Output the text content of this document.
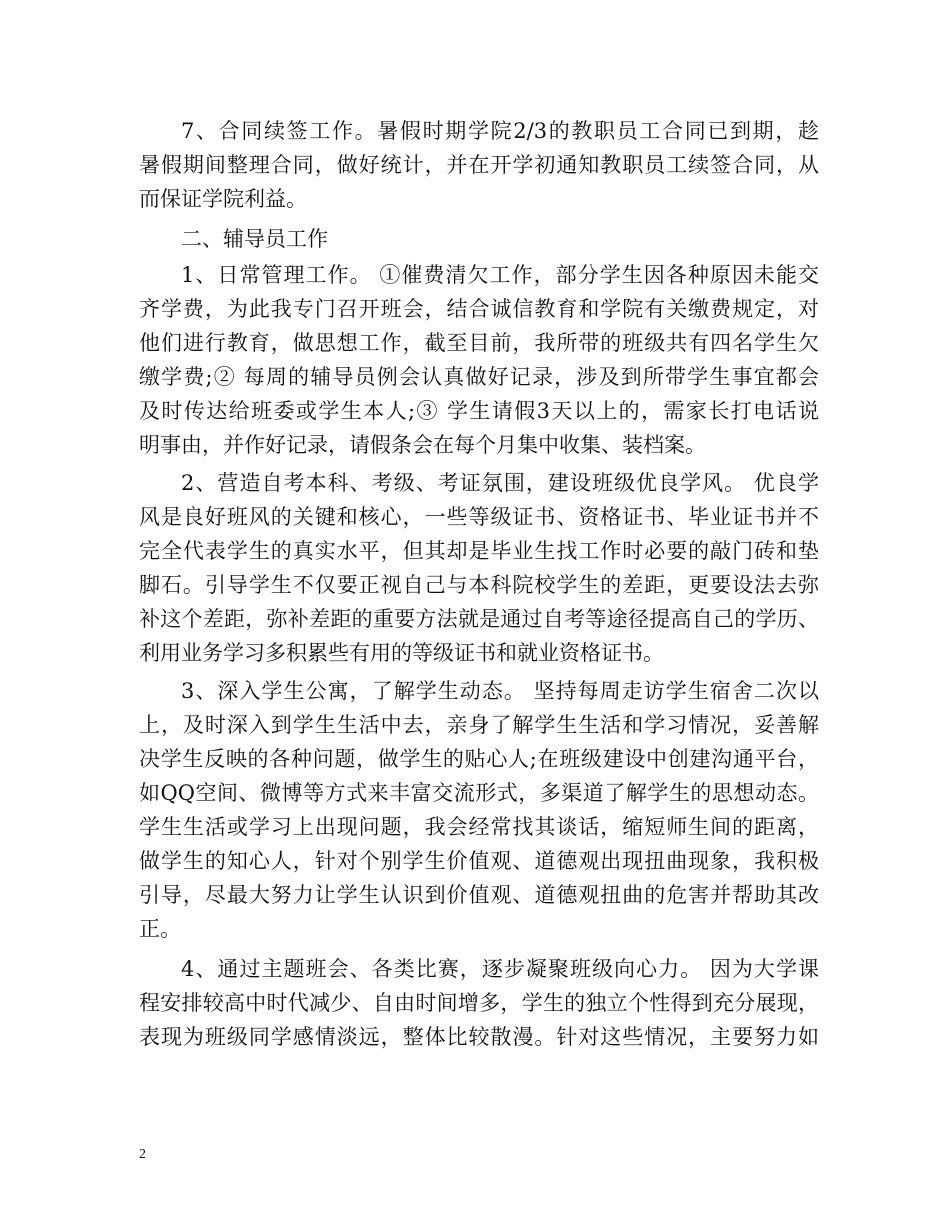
7、合同续签工作。暑假时期学院2/3的教职员工合同已到期，趁
暑假期间整理合同，做好统计，并在开学初通知教职员工续签合同，从
而保证学院利益。
二、辅导员工作
1、日常管理工作。 ①催费清欠工作，部分学生因各种原因未能交
齐学费，为此我专门召开班会，结合诚信教育和学院有关缴费规定，对
他们进行教育，做思想工作，截至目前，我所带的班级共有四名学生欠
缴学费;② 每周的辅导员例会认真做好记录，涉及到所带学生事宜都会
及时传达给班委或学生本人;③ 学生请假3天以上的，需家长打电话说
明事由，并作好记录，请假条会在每个月集中收集、装档案。
2、营造自考本科、考级、考证氛围，建设班级优良学风。 优良学
风是良好班风的关键和核心，一些等级证书、资格证书、毕业证书并不
完全代表学生的真实水平，但其却是毕业生找工作时必要的敲门砖和垫
脚石。引导学生不仅要正视自己与本科院校学生的差距，更要设法去弥
补这个差距，弥补差距的重要方法就是通过自考等途径提高自己的学历、
利用业务学习多积累些有用的等级证书和就业资格证书。
3、深入学生公寓，了解学生动态。 坚持每周走访学生宿舍二次以
上，及时深入到学生生活中去，亲身了解学生生活和学习情况，妥善解
决学生反映的各种问题，做学生的贴心人;在班级建设中创建沟通平台，
如QQ空间、微博等方式来丰富交流形式，多渠道了解学生的思想动态。
学生生活或学习上出现问题，我会经常找其谈话，缩短师生间的距离，
做学生的知心人，针对个别学生价值观、道德观出现扭曲现象，我积极
引导，尽最大努力让学生认识到价值观、道德观扭曲的危害并帮助其改
正。
4、通过主题班会、各类比赛，逐步凝聚班级向心力。 因为大学课
程安排较高中时代减少、自由时间增多，学生的独立个性得到充分展现，
表现为班级同学感情淡远，整体比较散漫。针对这些情况，主要努力如
2
